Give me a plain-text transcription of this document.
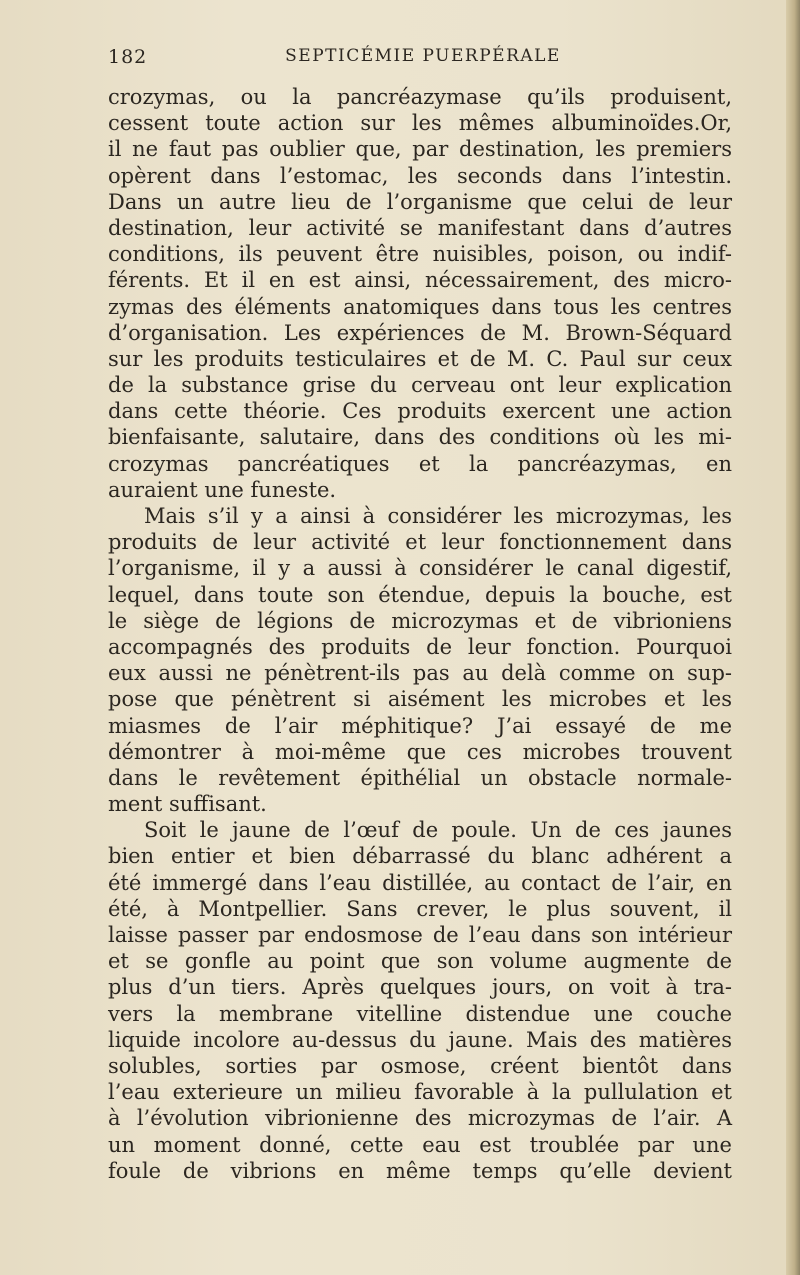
182	SEPTICÉMIE PUERPÉRALE
crozymas, ou la pancréazymase qu’ils produisent,
cessent toute action sur les mêmes albuminoïdes.Or,
il ne faut pas oublier que, par destination, les premiers
opèrent dans l’estomac, les seconds dans l’intestin.
Dans un autre lieu de l’organisme que celui de leur
destination, leur activité se manifestant dans d’autres
conditions, ils peuvent être nuisibles, poison, ou indif-
férents. Et il en est ainsi, nécessairement, des micro-
zymas des éléments anatomiques dans tous les centres
d’organisation. Les expériences de M. Brown-Séquard
sur les produits testiculaires et de M. C. Paul sur ceux
de la substance grise du cerveau ont leur explication
dans cette théorie. Ces produits exercent une action
bienfaisante, salutaire, dans des conditions où les mi-
crozymas pancréatiques et la pancréazymas, en
auraient une funeste.
Mais s’il y a ainsi à considérer les microzymas, les
produits de leur activité et leur fonctionnement dans
l’organisme, il y a aussi à considérer le canal digestif,
lequel, dans toute son étendue, depuis la bouche, est
le siège de légions de microzymas et de vibrioniens
accompagnés des produits de leur fonction. Pourquoi
eux aussi ne pénètrent-ils pas au delà comme on sup-
pose que pénètrent si aisément les microbes et les
miasmes de l’air méphitique? J’ai essayé de me
démontrer à moi-même que ces microbes trouvent
dans le revêtement épithélial un obstacle normale-
ment suffisant.
Soit le jaune de l’œuf de poule. Un de ces jaunes
bien entier et bien débarrassé du blanc adhérent a
été immergé dans l’eau distillée, au contact de l’air, en
été, à Montpellier. Sans crever, le plus souvent, il
laisse passer par endosmose de l’eau dans son intérieur
et se gonfle au point que son volume augmente de
plus d’un tiers. Après quelques jours, on voit à tra-
vers la membrane vitelline distendue une couche
liquide incolore au-dessus du jaune. Mais des matières
solubles, sorties par osmose, créent bientôt dans
l’eau exterieure un milieu favorable à la pullulation et
à l’évolution vibrionienne des microzymas de l’air. A
un moment donné, cette eau est troublée par une
foule de vibrions en même temps qu’elle devient
